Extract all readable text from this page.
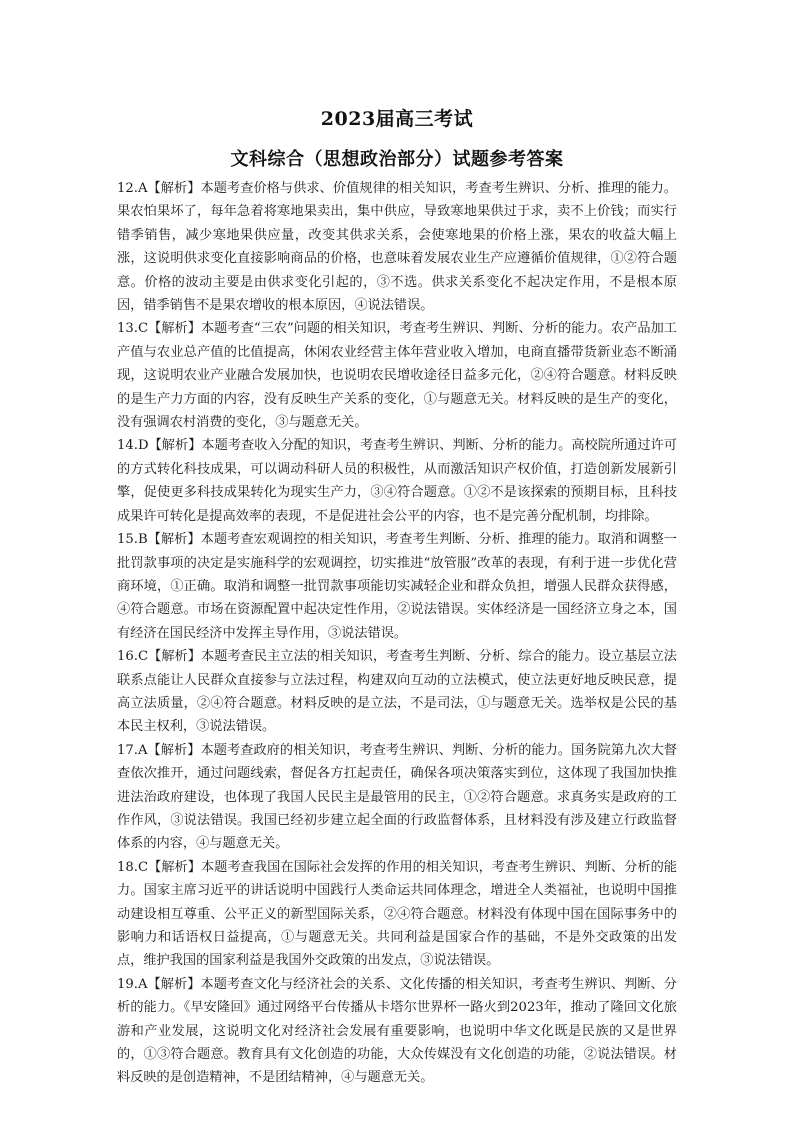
2023届高三考试
文科综合（思想政治部分）试题参考答案

12.A【解析】本题考查价格与供求、价值规律的相关知识，考查考生辨识、分析、推理的能力。果农怕果坏了，每年急着将寒地果卖出，集中供应，导致寒地果供过于求，卖不上价钱；而实行错季销售，减少寒地果供应量，改变其供求关系，会使寒地果的价格上涨，果农的收益大幅上涨，这说明供求变化直接影响商品的价格，也意味着发展农业生产应遵循价值规律，①②符合题意。价格的波动主要是由供求变化引起的，③不选。供求关系变化不起决定作用，不是根本原因，错季销售不是果农增收的根本原因，④说法错误。

13.C【解析】本题考查“三农”问题的相关知识，考查考生辨识、判断、分析的能力。农产品加工产值与农业总产值的比值提高，休闲农业经营主体年营业收入增加，电商直播带货新业态不断涌现，这说明农业产业融合发展加快，也说明农民增收途径日益多元化，②④符合题意。材料反映的是生产力方面的内容，没有反映生产关系的变化，①与题意无关。材料反映的是生产的变化，没有强调农村消费的变化，③与题意无关。

14.D【解析】本题考查收入分配的知识，考查考生辨识、判断、分析的能力。高校院所通过许可的方式转化科技成果，可以调动科研人员的积极性，从而激活知识产权价值，打造创新发展新引擎，促使更多科技成果转化为现实生产力，③④符合题意。①②不是该探索的预期目标，且科技成果许可转化是提高效率的表现，不是促进社会公平的内容，也不是完善分配机制，均排除。

15.B【解析】本题考查宏观调控的相关知识，考查考生判断、分析、推理的能力。取消和调整一批罚款事项的决定是实施科学的宏观调控，切实推进“放管服”改革的表现，有利于进一步优化营商环境，①正确。取消和调整一批罚款事项能切实减轻企业和群众负担，增强人民群众获得感，④符合题意。市场在资源配置中起决定性作用，②说法错误。实体经济是一国经济立身之本，国有经济在国民经济中发挥主导作用，③说法错误。

16.C【解析】本题考查民主立法的相关知识，考查考生判断、分析、综合的能力。设立基层立法联系点能让人民群众直接参与立法过程，构建双向互动的立法模式，使立法更好地反映民意，提高立法质量，②④符合题意。材料反映的是立法，不是司法，①与题意无关。选举权是公民的基本民主权利，③说法错误。

17.A【解析】本题考查政府的相关知识，考查考生辨识、判断、分析的能力。国务院第九次大督查依次推开，通过问题线索，督促各方扛起责任，确保各项决策落实到位，这体现了我国加快推进法治政府建设，也体现了我国人民民主是最管用的民主，①②符合题意。求真务实是政府的工作作风，③说法错误。我国已经初步建立起全面的行政监督体系，且材料没有涉及建立行政监督体系的内容，④与题意无关。

18.C【解析】本题考查我国在国际社会发挥的作用的相关知识，考查考生辨识、判断、分析的能力。国家主席习近平的讲话说明中国践行人类命运共同体理念，增进全人类福祉，也说明中国推动建设相互尊重、公平正义的新型国际关系，②④符合题意。材料没有体现中国在国际事务中的影响力和话语权日益提高，①与题意无关。共同利益是国家合作的基础，不是外交政策的出发点，维护我国的国家利益是我国外交政策的出发点，③说法错误。

19.A【解析】本题考查文化与经济社会的关系、文化传播的相关知识，考查考生辨识、判断、分析的能力。《早安隆回》通过网络平台传播从卡塔尔世界杯一路火到2023年，推动了隆回文化旅游和产业发展，这说明文化对经济社会发展有重要影响，也说明中华文化既是民族的又是世界的，①③符合题意。教育具有文化创造的功能，大众传媒没有文化创造的功能，②说法错误。材料反映的是创造精神，不是团结精神，④与题意无关。
